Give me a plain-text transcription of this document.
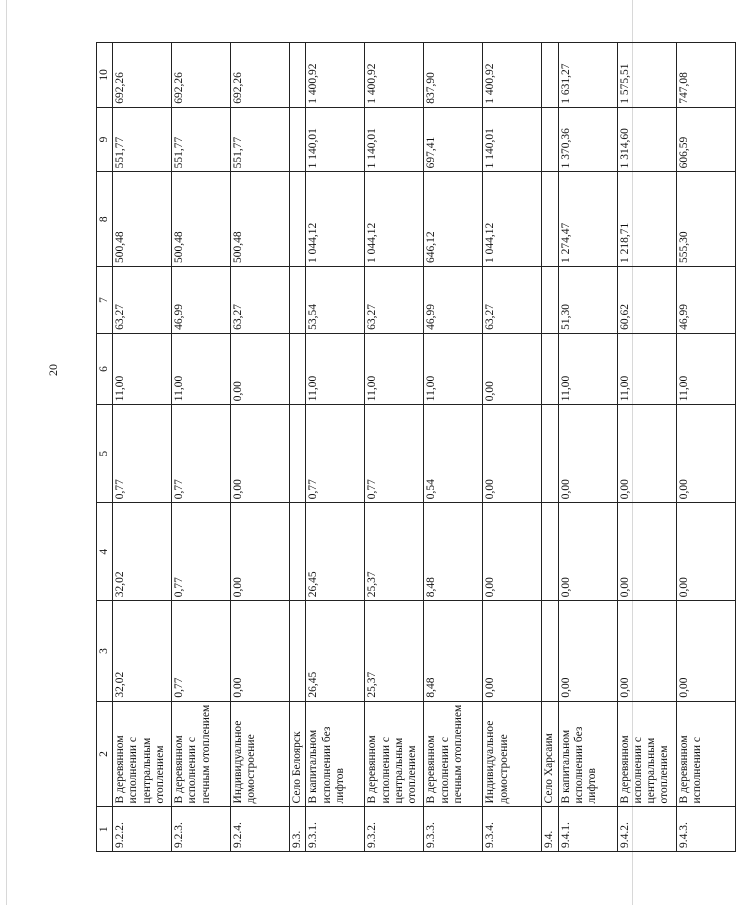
20
1	2	3	4	5	6	7	8	9	10
9.2.2.	В деревянном исполнении с центральным отоплением	32,02	32,02	0,77	11,00	63,27	500,48	551,77	692,26
9.2.3.	В деревянном исполнении с печным отоплением	0,77	0,77	0,77	11,00	46,99	500,48	551,77	692,26
9.2.4.	Индивидуальное домостроение	0,00	0,00	0,00	0,00	63,27	500,48	551,77	692,26
9.3.	Село Белоярск								
9.3.1.	В капитальном исполнении без лифтов	26,45	26,45	0,77	11,00	53,54	1 044,12	1 140,01	1 400,92
9.3.2.	В деревянном исполнении с центральным отоплением	25,37	25,37	0,77	11,00	63,27	1 044,12	1 140,01	1 400,92
9.3.3.	В деревянном исполнении с печным отоплением	8,48	8,48	0,54	11,00	46,99	646,12	697,41	837,90
9.3.4.	Индивидуальное домостроение	0,00	0,00	0,00	0,00	63,27	1 044,12	1 140,01	1 400,92
9.4.	Село Харсаим								
9.4.1.	В капитальном исполнении без лифтов	0,00	0,00	0,00	11,00	51,30	1 274,47	1 370,36	1 631,27
9.4.2.	В деревянном исполнении с центральным отоплением	0,00	0,00	0,00	11,00	60,62	1 218,71	1 314,60	1 575,51
9.4.3.	В деревянном исполнении с	0,00	0,00	0,00	11,00	46,99	555,30	606,59	747,08
